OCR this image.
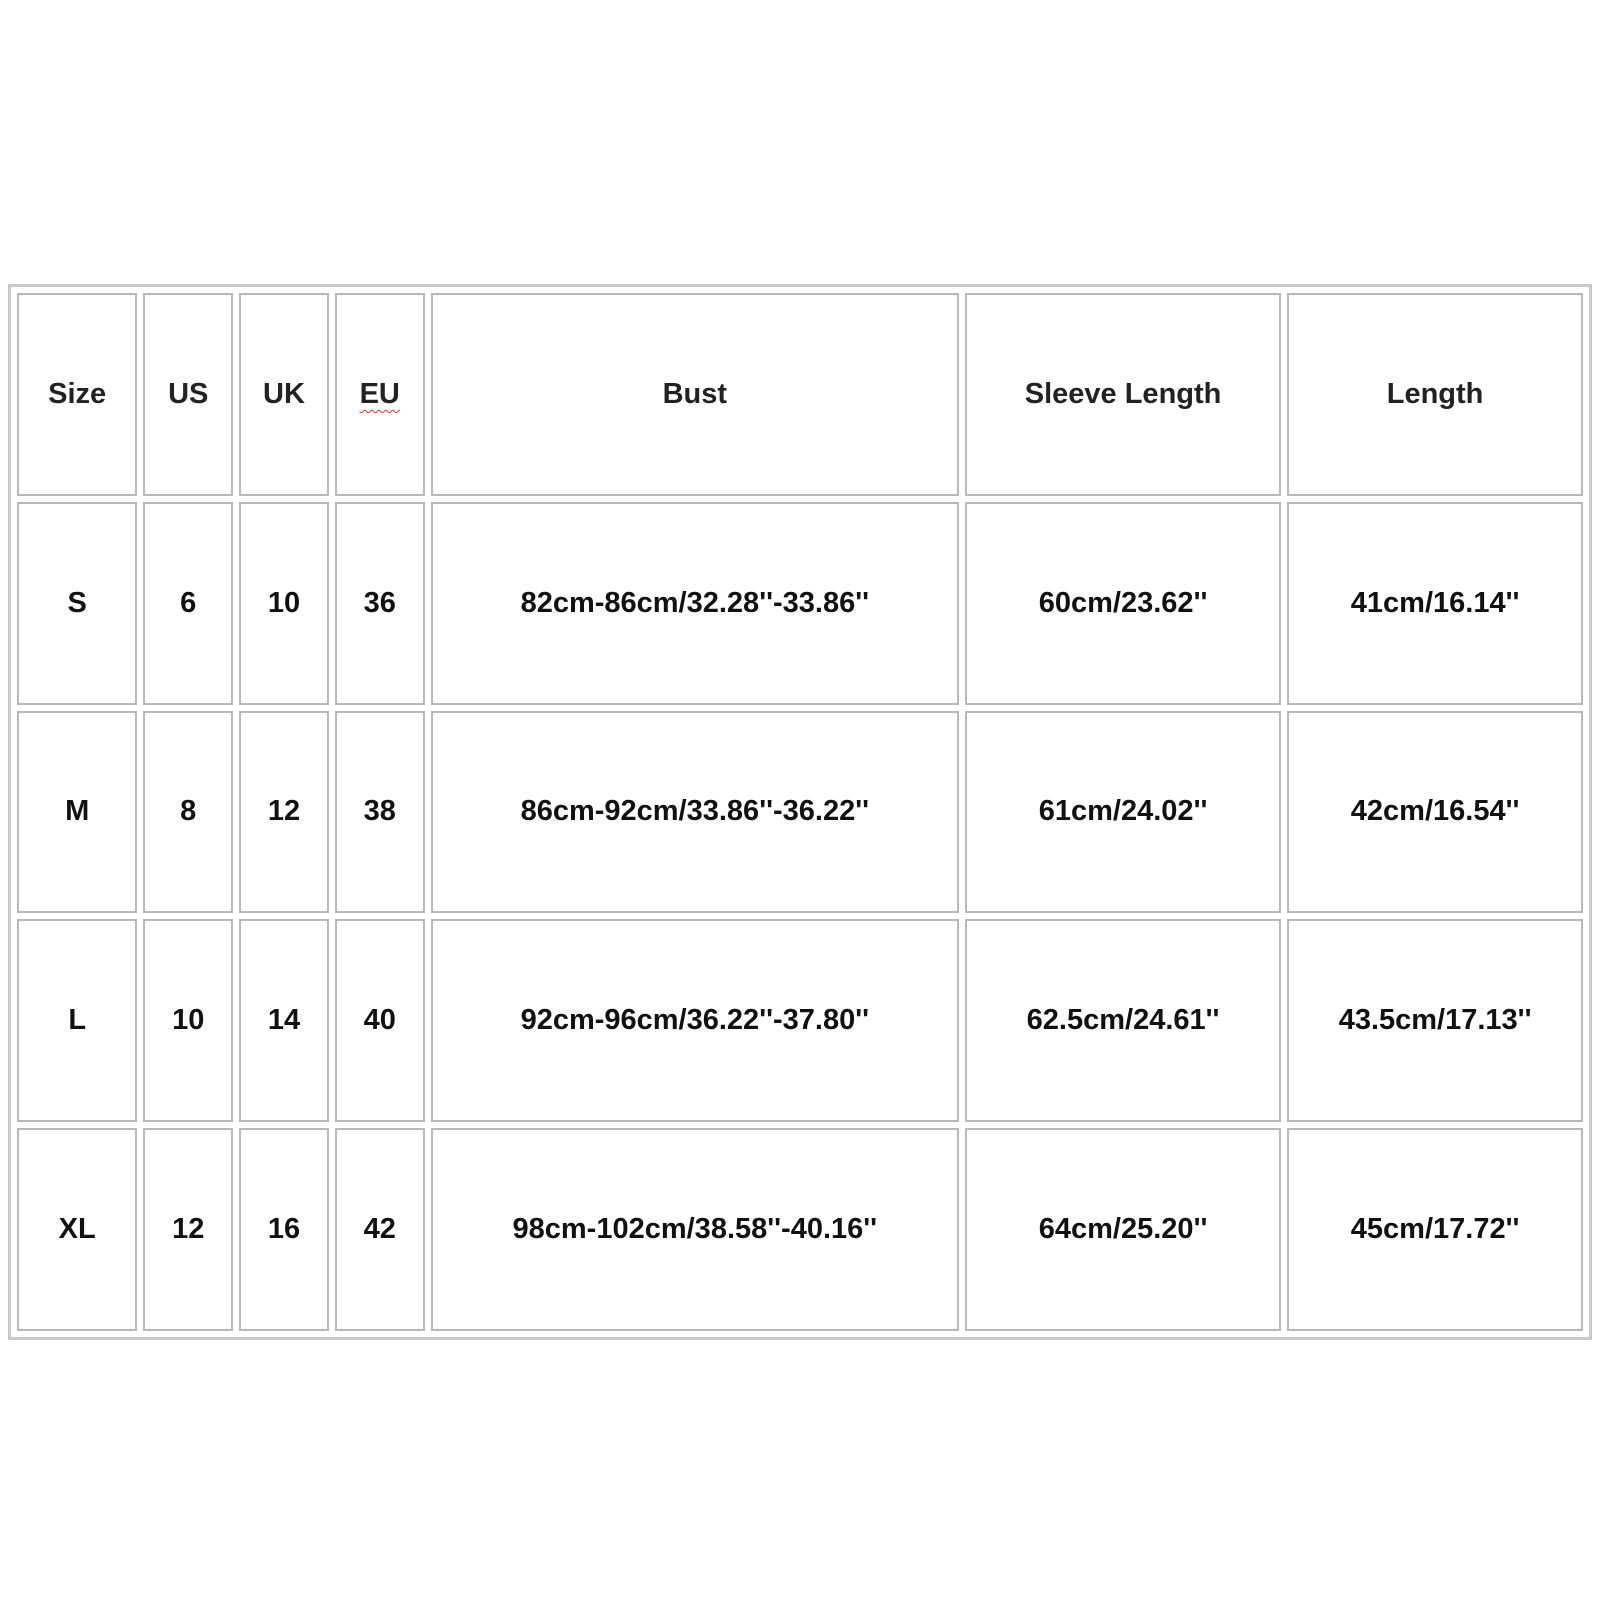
Size	US	UK	EU	Bust	Sleeve Length	Length
S	6	10	36	82cm-86cm/32.28''-33.86''	60cm/23.62''	41cm/16.14''
M	8	12	38	86cm-92cm/33.86''-36.22''	61cm/24.02''	42cm/16.54''
L	10	14	40	92cm-96cm/36.22''-37.80''	62.5cm/24.61''	43.5cm/17.13''
XL	12	16	42	98cm-102cm/38.58''-40.16''	64cm/25.20''	45cm/17.72''
